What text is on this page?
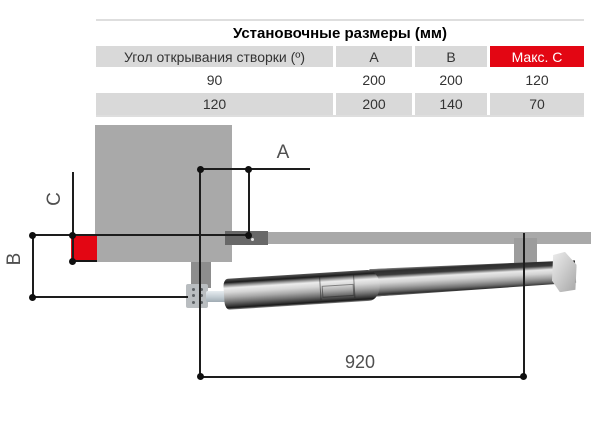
Установочные размеры (мм)
Угол открывания створки (º)	A	B	Макс. C
90	200	200	120
120	200	140	70
A
C
B
920
